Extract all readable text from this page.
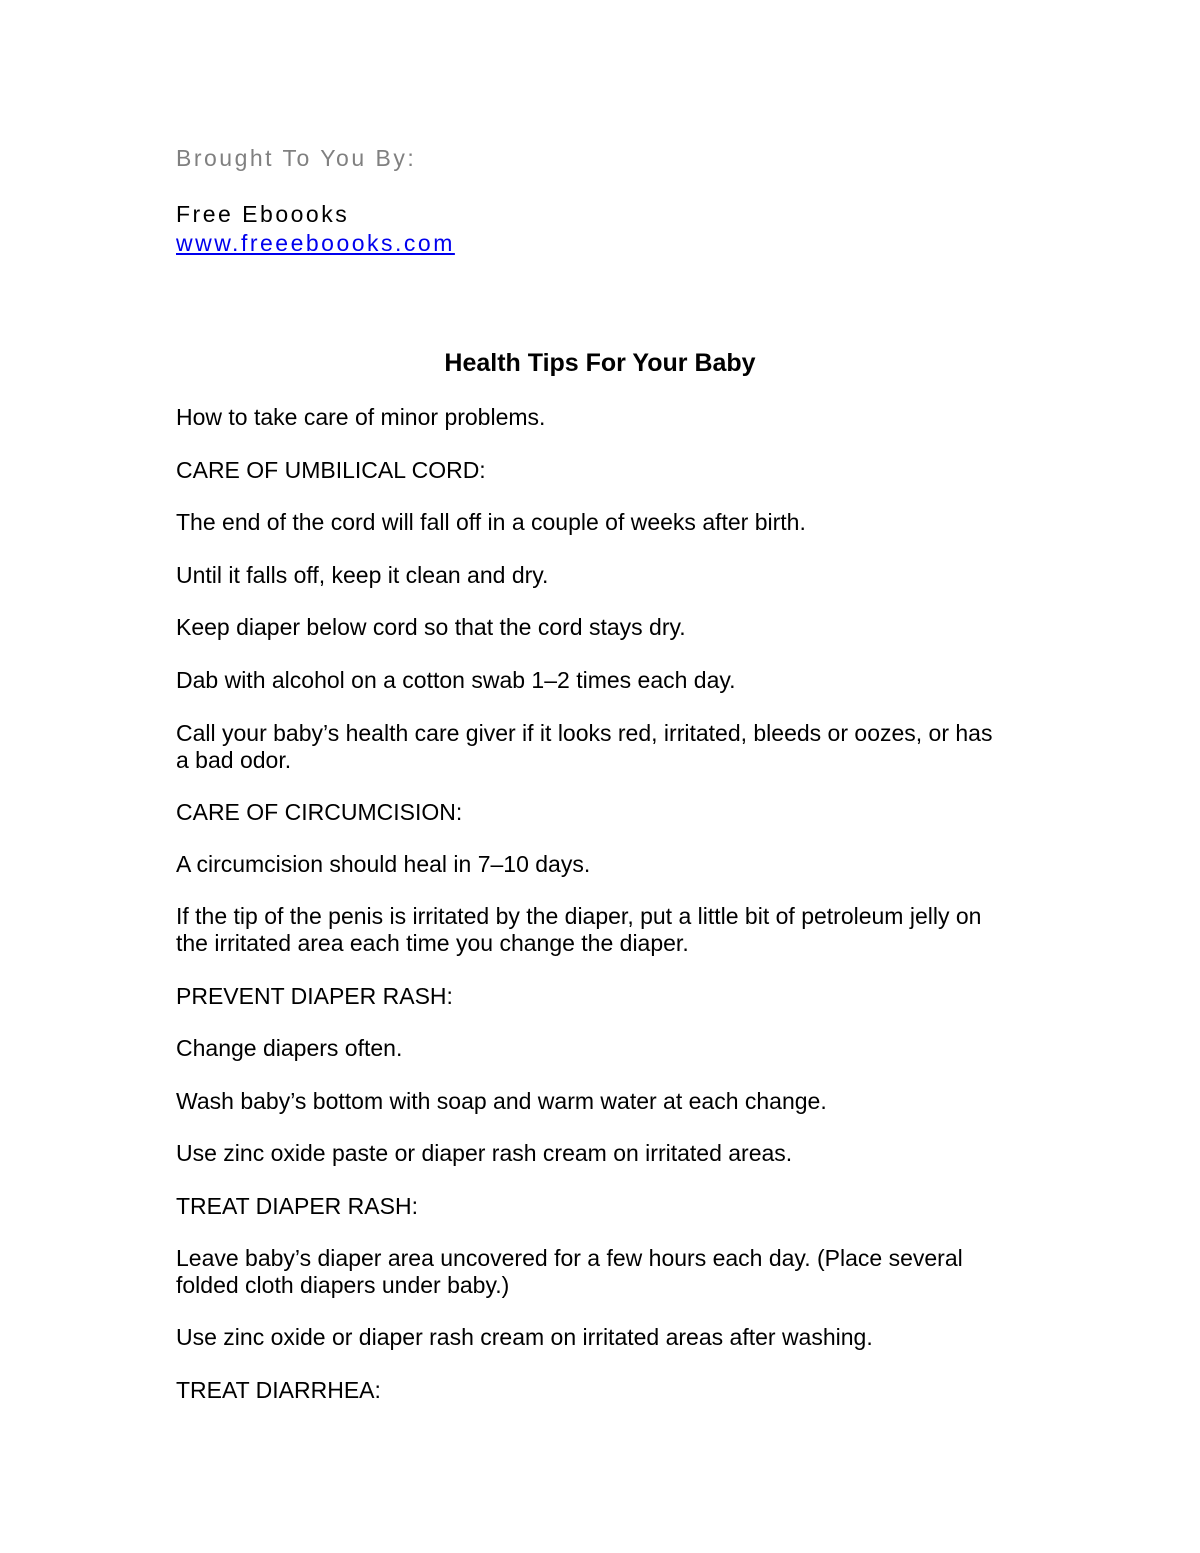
Brought To You By:
Free Eboooks
www.freeeboooks.com
Health Tips For Your Baby
How to take care of minor problems.
CARE OF UMBILICAL CORD:
The end of the cord will fall off in a couple of weeks after birth.
Until it falls off, keep it clean and dry.
Keep diaper below cord so that the cord stays dry.
Dab with alcohol on a cotton swab 1–2 times each day.
Call your baby’s health care giver if it looks red, irritated, bleeds or oozes, or has a bad odor.
CARE OF CIRCUMCISION:
A circumcision should heal in 7–10 days.
If the tip of the penis is irritated by the diaper, put a little bit of petroleum jelly on the irritated area each time you change the diaper.
PREVENT DIAPER RASH:
Change diapers often.
Wash baby’s bottom with soap and warm water at each change.
Use zinc oxide paste or diaper rash cream on irritated areas.
TREAT DIAPER RASH:
Leave baby’s diaper area uncovered for a few hours each day. (Place several folded cloth diapers under baby.)
Use zinc oxide or diaper rash cream on irritated areas after washing.
TREAT DIARRHEA:
